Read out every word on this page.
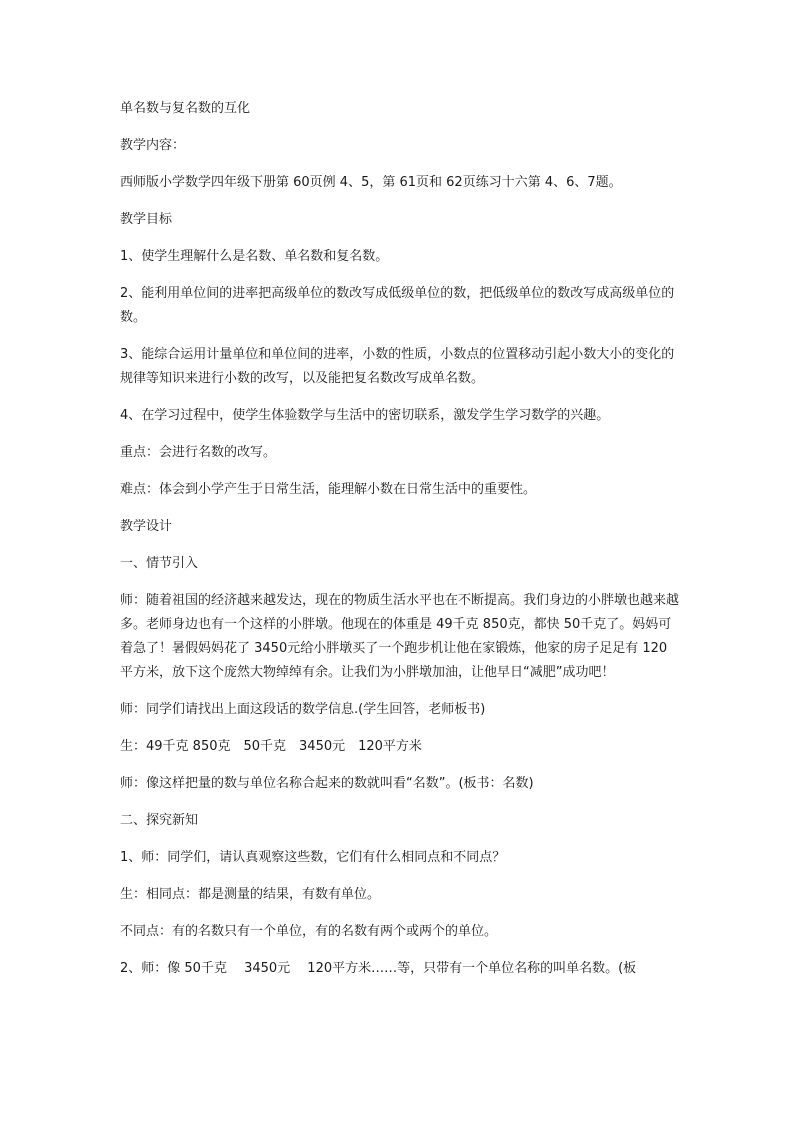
单名数与复名数的互化

教学内容：

西师版小学数学四年级下册第 60页例 4、5，第 61页和 62页练习十六第 4、6、7题。

教学目标

1、使学生理解什么是名数、单名数和复名数。

2、能利用单位间的进率把高级单位的数改写成低级单位的数，把低级单位的数改写成高级单位的数。

3、能综合运用计量单位和单位间的进率，小数的性质，小数点的位置移动引起小数大小的变化的规律等知识来进行小数的改写，以及能把复名数改写成单名数。

4、在学习过程中，使学生体验数学与生活中的密切联系，激发学生学习数学的兴趣。

重点：会进行名数的改写。

难点：体会到小学产生于日常生活，能理解小数在日常生活中的重要性。

教学设计

一、情节引入

师：随着祖国的经济越来越发达，现在的物质生活水平也在不断提高。我们身边的小胖墩也越来越多。老师身边也有一个这样的小胖墩。他现在的体重是 49千克 850克，都快 50千克了。妈妈可着急了！暑假妈妈花了 3450元给小胖墩买了一个跑步机让他在家锻炼，他家的房子足足有 120平方米，放下这个庞然大物绰绰有余。让我们为小胖墩加油，让他早日“减肥”成功吧！

师：同学们请找出上面这段话的数学信息.(学生回答，老师板书)

生：49千克 850克　50千克　3450元　120平方米

师：像这样把量的数与单位名称合起来的数就叫看“名数”。(板书：名数)

二、探究新知

1、师：同学们，请认真观察这些数，它们有什么相同点和不同点？

生：相同点：都是测量的结果，有数有单位。

不同点：有的名数只有一个单位，有的名数有两个或两个的单位。

2、师：像 50千克　 3450元　 120平方米……等，只带有一个单位名称的叫单名数。(板
